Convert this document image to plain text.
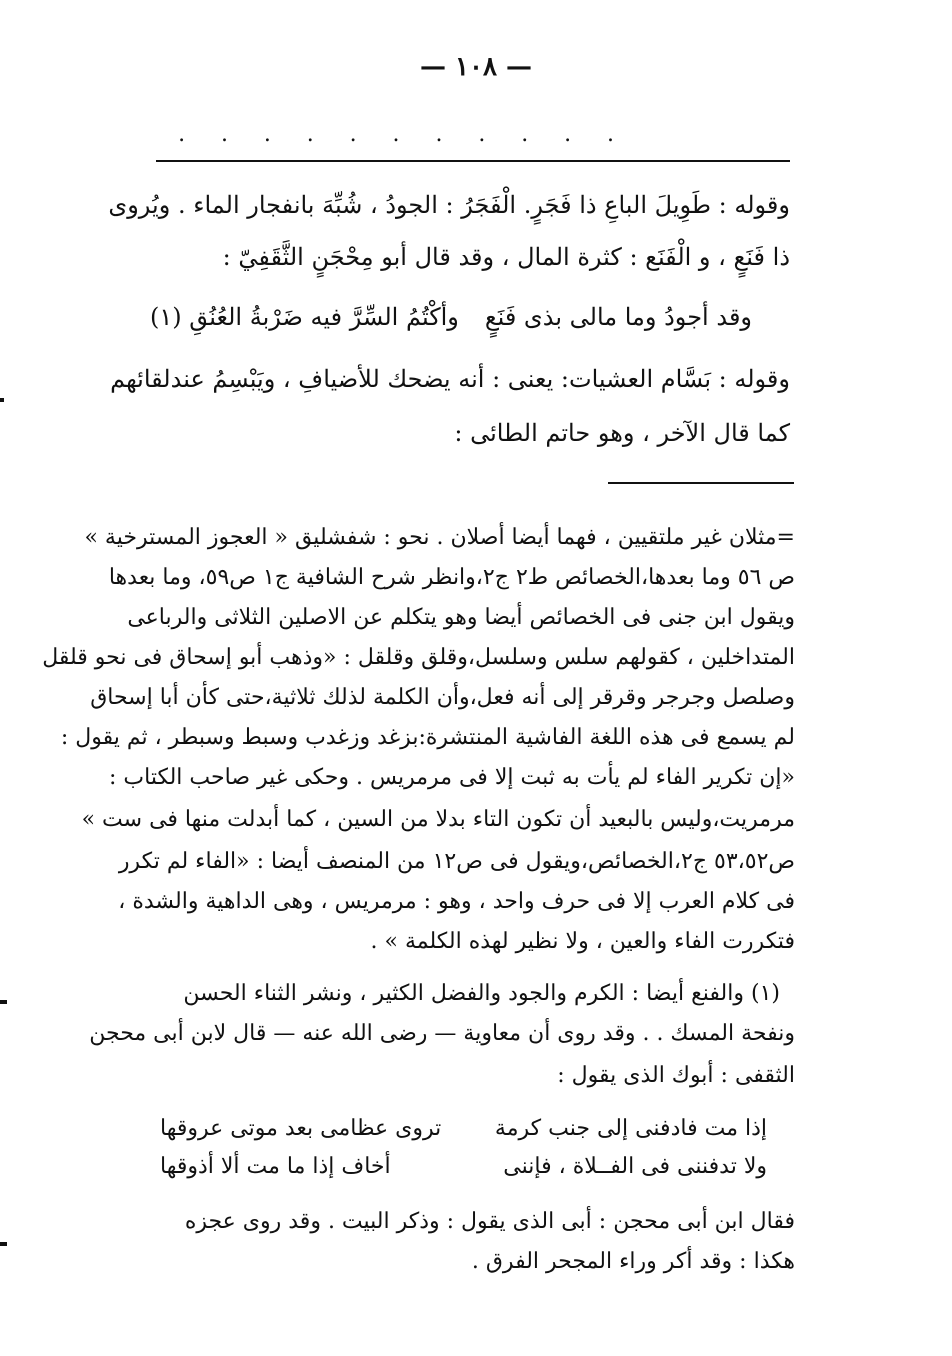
— ١٠٨ —
.
.
.
.
.
.
.
.
.
.
.
وقوله : طَوِيلَ الباعِ ذا فَجَرٍ. الْفَجَرُ : الجودُ ، شُبِّهَ بانفجار الماء . ويُروى
ذا فَنَعٍ ، و الْفَنَع : كثرة المال ، وقد قال أبو مِحْجَنٍ الثَّقَفِيّ :
وقد أجودُ وما مالى بذى فَنَعٍ
وأكْتُمُ السِّرَّ فيه ضَرْبةُ العُنُقِ (١)
وقوله : بَسَّام العشيات: يعنى : أنه يضحك للأضيافِ ، ويَبْسِمُ عندلقائهم
كما قال الآخر ، وهو حاتم الطائى :
=مثلان غير ملتقيين ، فهما أيضا أصلان . نحو : شفشليق « العجوز المسترخية »
ص ٥٦ وما بعدها،الخصائص ط٢ ج٢،وانظر شرح الشافية ج١ ص٥٩، وما بعدها
ويقول ابن جنى فى الخصائص أيضا وهو يتكلم عن الاصلين الثلاثى والرباعى
المتداخلين ، كقولهم سلس وسلسل،وقلق وقلقل : «وذهب أبو إسحاق فى نحو قلقل
وصلصل وجرجر وقرقر إلى أنه فعل،وأن الكلمة لذلك ثلاثية،حتى كأن أبا إسحاق
لم يسمع فى هذه اللغة الفاشية المنتشرة:بزغد وزغدب وسبط وسبطر ، ثم يقول :
«إن تكرير الفاء لم يأت به ثبت إلا فى مرمريس . وحكى غير صاحب الكتاب :
مرمريت،وليس بالبعيد أن تكون التاء بدلا من السين ، كما أبدلت منها فى ست »
ص٥٣،٥٢ ج٢،الخصائص،ويقول فى ص١٢ من المنصف أيضا : «الفاء لم تكرر
فى كلام العرب إلا فى حرف واحد ، وهو : مرمريس ، وهى الداهية والشدة ،
فتكررت الفاء والعين ، ولا نظير لهذه الكلمة » .
(١) والفنع أيضا : الكرم والجود والفضل الكثير ، ونشر الثناء الحسن
ونفحة المسك . . وقد روى أن معاوية — رضى الله عنه — قال لابن أبى محجن
الثقفى : أبوك الذى يقول :
إذا مت فادفنى إلى جنب كرمة
تروى عظامى بعد موتى عروقها
ولا تدفننى فى الفــلاة ، فإننى
أخاف إذا ما مت ألا أذوقها
فقال ابن أبى محجن : أبى الذى يقول : وذكر البيت . وقد روى عجزه
هكذا : وقد أكر وراء المجحر الفرق .
